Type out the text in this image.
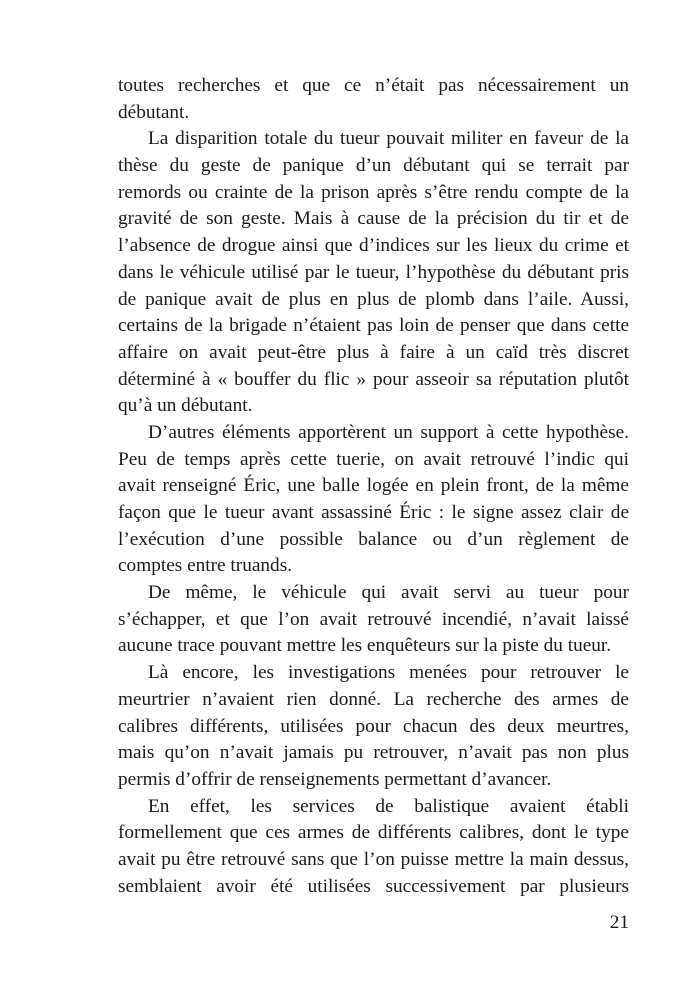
toutes recherches et que ce n’était pas nécessairement un
débutant.
La disparition totale du tueur pouvait militer en faveur de la
thèse du geste de panique d’un débutant qui se terrait par
remords ou crainte de la prison après s’être rendu compte de la
gravité de son geste. Mais à cause de la précision du tir et de
l’absence de drogue ainsi que d’indices sur les lieux du crime et
dans le véhicule utilisé par le tueur, l’hypothèse du débutant pris
de panique avait de plus en plus de plomb dans l’aile. Aussi,
certains de la brigade n’étaient pas loin de penser que dans cette
affaire on avait peut-être plus à faire à un caïd très discret
déterminé à « bouffer du flic » pour asseoir sa réputation plutôt
qu’à un débutant.
D’autres éléments apportèrent un support à cette hypothèse.
Peu de temps après cette tuerie, on avait retrouvé l’indic qui
avait renseigné Éric, une balle logée en plein front, de la même
façon que le tueur avant assassiné Éric : le signe assez clair de
l’exécution d’une possible balance ou d’un règlement de
comptes entre truands.
De même, le véhicule qui avait servi au tueur pour
s’échapper, et que l’on avait retrouvé incendié, n’avait laissé
aucune trace pouvant mettre les enquêteurs sur la piste du tueur.
Là encore, les investigations menées pour retrouver le
meurtrier n’avaient rien donné. La recherche des armes de
calibres différents, utilisées pour chacun des deux meurtres,
mais qu’on n’avait jamais pu retrouver, n’avait pas non plus
permis d’offrir de renseignements permettant d’avancer.
En effet, les services de balistique avaient établi
formellement que ces armes de différents calibres, dont le type
avait pu être retrouvé sans que l’on puisse mettre la main dessus,
semblaient avoir été utilisées successivement par plusieurs
21
